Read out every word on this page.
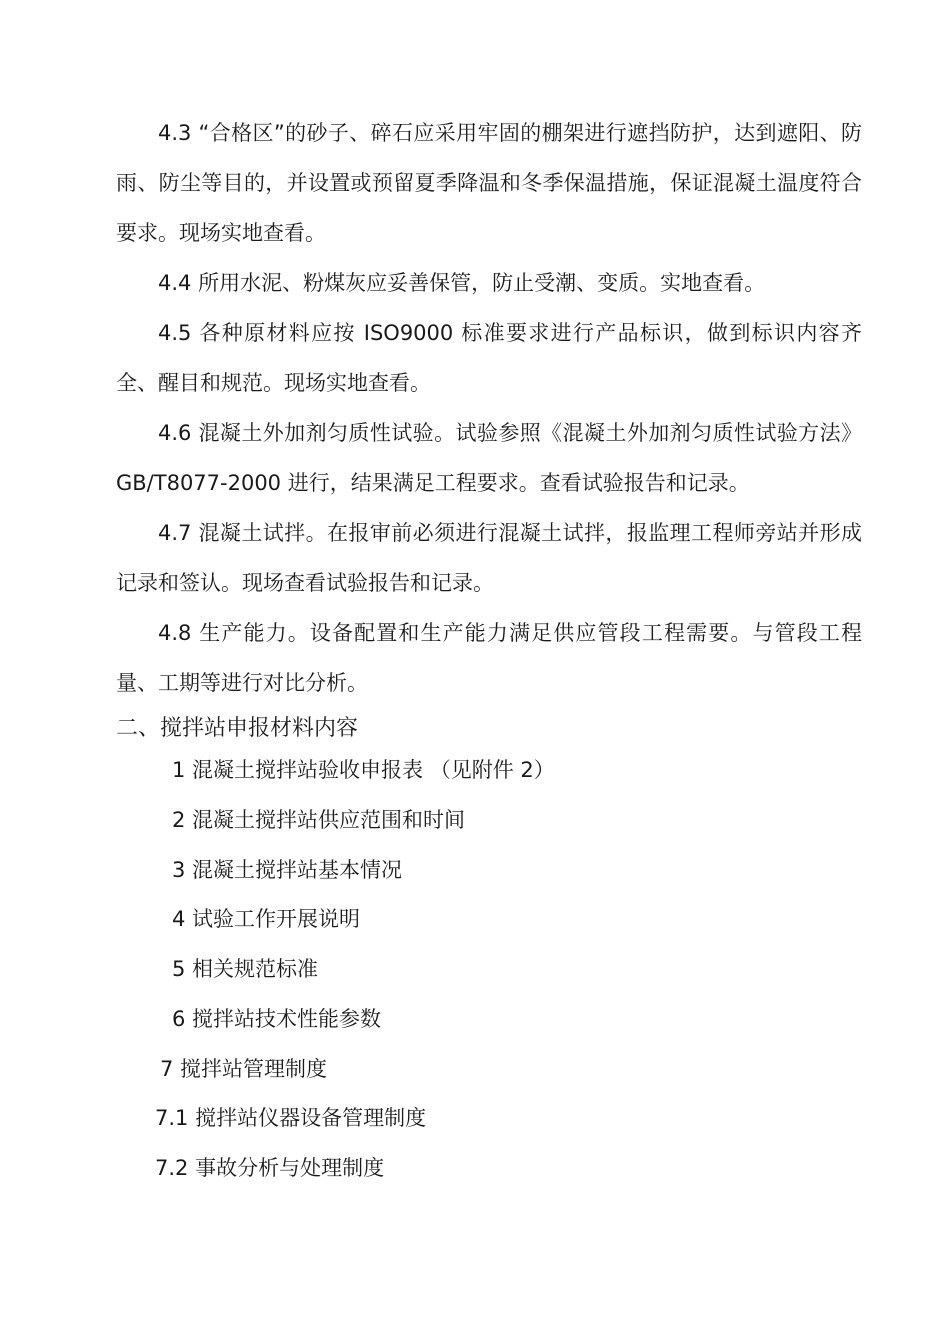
4.3 “合格区”的砂子、碎石应采用牢固的棚架进行遮挡防护，达到遮阳、防雨、防尘等目的，并设置或预留夏季降温和冬季保温措施，保证混凝土温度符合要求。现场实地查看。

4.4 所用水泥、粉煤灰应妥善保管，防止受潮、变质。实地查看。

4.5 各种原材料应按 ISO9000 标准要求进行产品标识，做到标识内容齐全、醒目和规范。现场实地查看。

4.6 混凝土外加剂匀质性试验。试验参照《混凝土外加剂匀质性试验方法》GB/T8077-2000 进行，结果满足工程要求。查看试验报告和记录。

4.7 混凝土试拌。在报审前必须进行混凝土试拌，报监理工程师旁站并形成记录和签认。现场查看试验报告和记录。

4.8 生产能力。设备配置和生产能力满足供应管段工程需要。与管段工程量、工期等进行对比分析。

二、搅拌站申报材料内容

1 混凝土搅拌站验收申报表 （见附件 2）

2 混凝土搅拌站供应范围和时间

3 混凝土搅拌站基本情况

4 试验工作开展说明

5 相关规范标准

6 搅拌站技术性能参数

7 搅拌站管理制度

7.1 搅拌站仪器设备管理制度

7.2 事故分析与处理制度
